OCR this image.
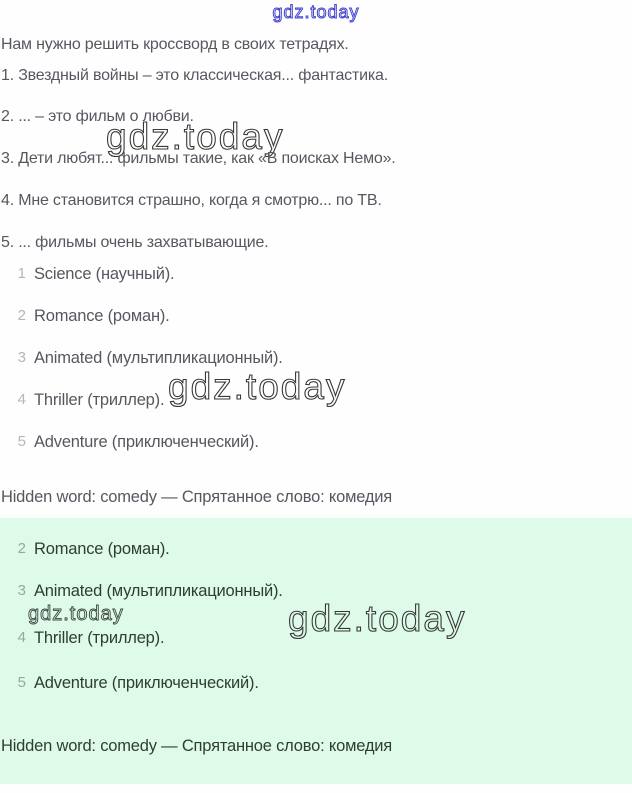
gdz.today
gdz.today
gdz.today
Нам нужно решить кроссворд в своих тетрадях.
1. Звездный войны – это классическая... фантастика.
2. ... – это фильм о любви.
3. Дети любят... фильмы такие, как «В поисках Немо».
4. Мне становится страшно, когда я смотрю... по ТВ.
5. ... фильмы очень захватывающие.
1 Science (научный).
2 Romance (роман).
3 Animated (мультипликационный).
4 Thriller (триллер).
5 Adventure (приключенческий).
Hidden word: comedy — Спрятанное слово: комедия
gdz.today	gdz.today
2 Romance (роман).
3 Animated (мультипликационный).
4 Thriller (триллер).
5 Adventure (приключенческий).
Hidden word: comedy — Спрятанное слово: комедия
